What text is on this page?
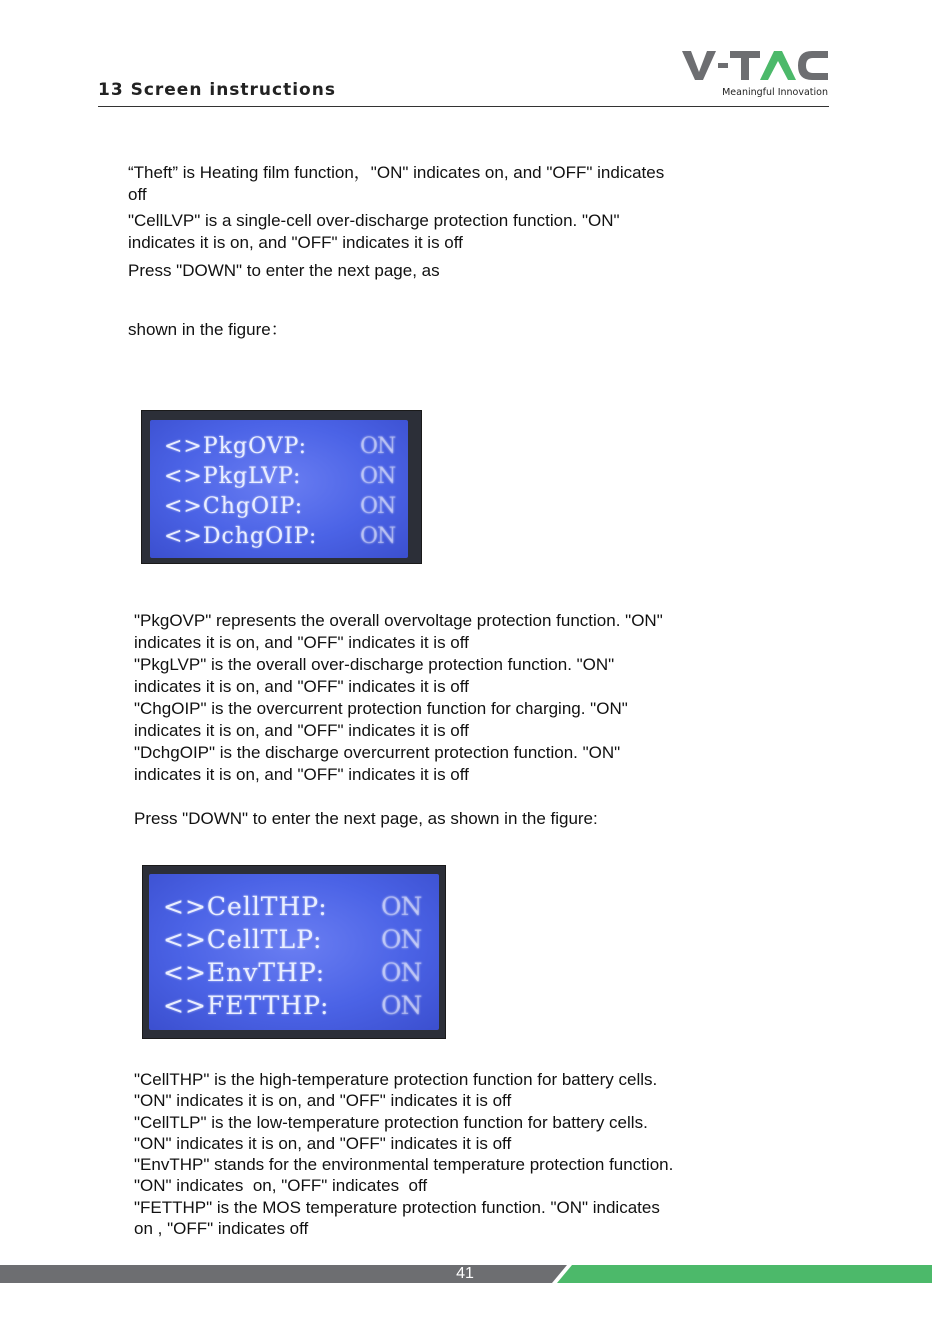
13 Screen instructions	Meaningful Innovation

“Theft” is Heating film function，"ON" indicates on, and "OFF" indicates
off

"CellLVP" is a single-cell over-discharge protection function. "ON"
indicates it is on, and "OFF" indicates it is off

Press "DOWN" to enter the next page, as

shown in the figure：

<>PkgOVP: ON
<>PkgLVP:	ON
<>ChgOIP:	ON
<>DchgOIP: ON

"PkgOVP" represents the overall overvoltage protection function. "ON"
indicates it is on, and "OFF" indicates it is off
"PkgLVP" is the overall over-discharge protection function. "ON"
indicates it is on, and "OFF" indicates it is off
"ChgOIP" is the overcurrent protection function for charging. "ON"
indicates it is on, and "OFF" indicates it is off
"DchgOIP" is the discharge overcurrent protection function. "ON"
indicates it is on, and "OFF" indicates it is off

Press "DOWN" to enter the next page, as shown in the figure:

<>CellTHP: ON
<>CellTLP: ON
<>EnvTHP: ON
<>FETTHP: ON

"CellTHP" is the high-temperature protection function for battery cells.
"ON" indicates it is on, and "OFF" indicates it is off
"CellTLP" is the low-temperature protection function for battery cells.
"ON" indicates it is on, and "OFF" indicates it is off
"EnvTHP" stands for the environmental temperature protection function.
"ON" indicates  on, "OFF" indicates  off
"FETTHP" is the MOS temperature protection function. "ON" indicates
on , "OFF" indicates off

41
